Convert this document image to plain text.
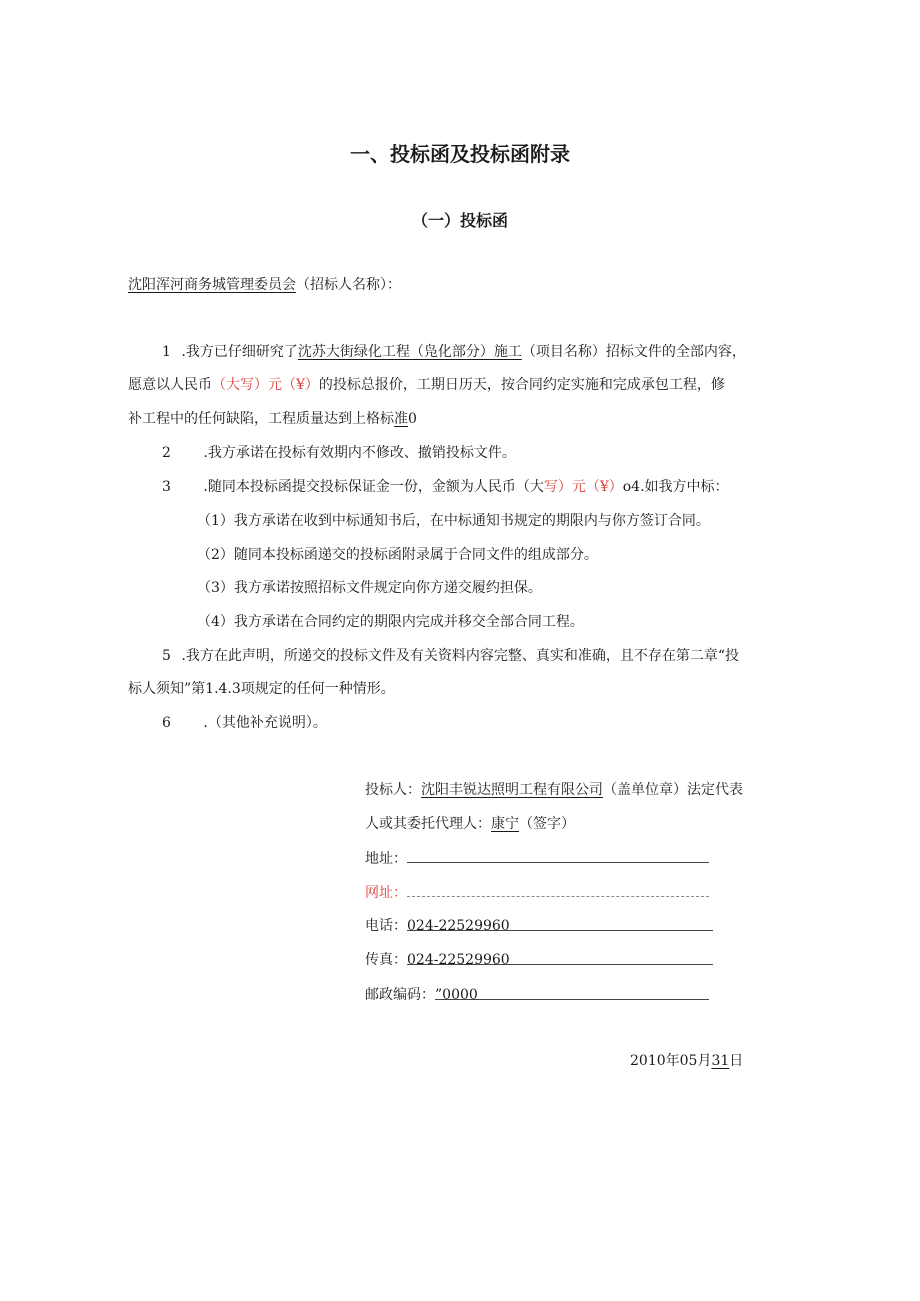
一、投标函及投标函附录
（一）投标函
沈阳浑河商务城管理委员会（招标人名称）：
1 .我方已仔细研究了沈苏大街绿化工程（凫化部分）施工（项目名称）招标文件的全部内容，
愿意以人民币（大写）元（¥）的投标总报价，工期日历天，按合同约定实施和完成承包工程，修
补工程中的任何缺陷，工程质量达到上格标准0
2 .我方承诺在投标有效期内不修改、撤销投标文件。
3 .随同本投标函提交投标保证金一份，金额为人民币（大写）元（¥）o4.如我方中标：
（1）我方承诺在收到中标通知书后，在中标通知书规定的期限内与你方签订合同。
（2）随同本投标函递交的投标函附录属于合同文件的组成部分。
（3）我方承诺按照招标文件规定向你方递交履约担保。
（4）我方承诺在合同约定的期限内完成并移交全部合同工程。
5 .我方在此声明，所递交的投标文件及有关资料内容完整、真实和准确，且不存在第二章“投
标人须知”第1.4.3项规定的任何一种情形。
6 .（其他补充说明）。
投标人：沈阳丰锐达照明工程有限公司（盖单位章）法定代表
人或其委托代理人：康宁（签字）
地址：
网址：
电话：024-22529960
传真：024-22529960
邮政编码：”0000
2010年05月31日
